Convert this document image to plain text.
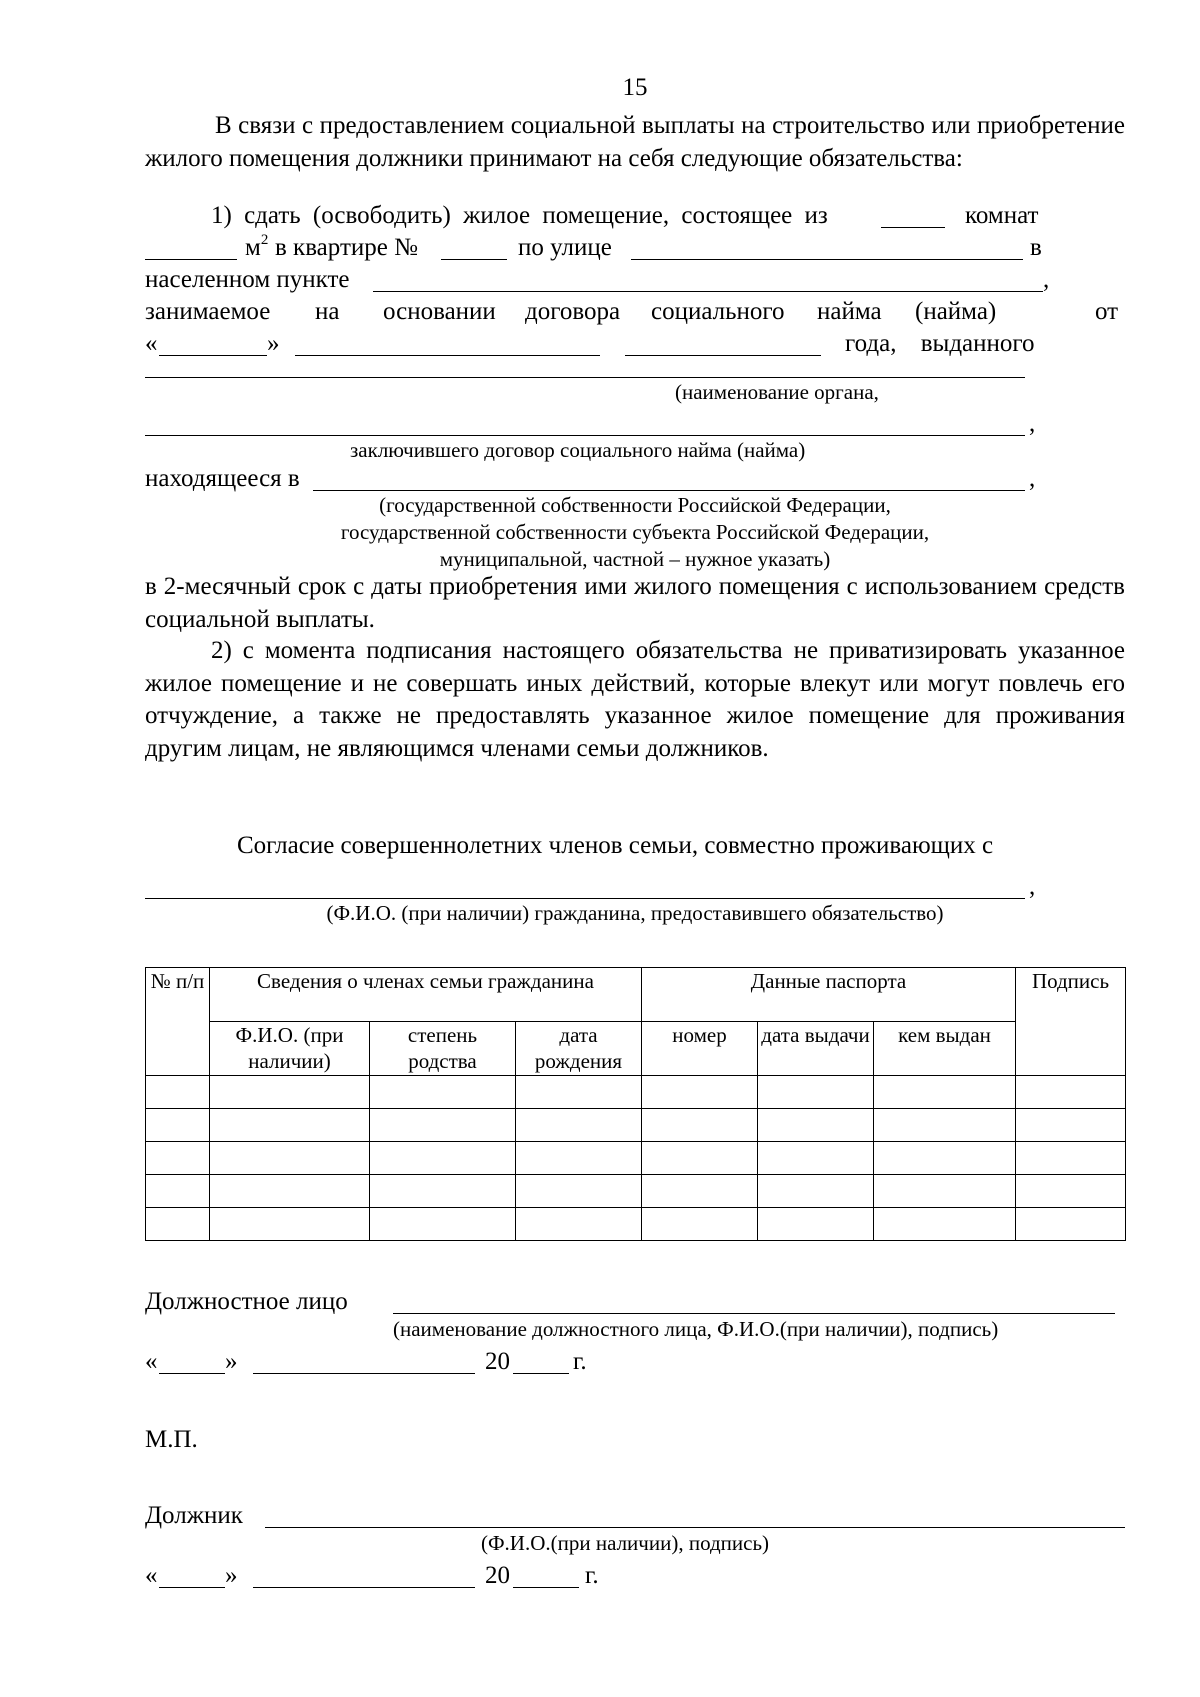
15
В связи с предоставлением социальной выплаты на строительство или приобретение жилого помещения должники принимают на себя следующие обязательства:
1) сдать (освободить) жилое помещение, состоящее из	комнат
$м^2$ в квартире №	по улице	в
населенном пункте	,
занимаемое на основании договора социального найма (найма)	от
«	»	года, выданного
(наименование органа,
,
заключившего договор социального найма (найма)
находящееся в	,
(государственной собственности Российской Федерации,
государственной собственности субъекта Российской Федерации,
муниципальной, частной – нужное указать)
в 2-месячный срок с даты приобретения ими жилого помещения с использованием средств социальной выплаты.
2) с момента подписания настоящего обязательства не приватизировать указанное жилое помещение и не совершать иных действий, которые влекут или могут повлечь его отчуждение, а также не предоставлять указанное жилое помещение для проживания другим лицам, не являющимся членами семьи должников.
Согласие совершеннолетних членов семьи, совместно проживающих с
,
(Ф.И.О. (при наличии) гражданина, предоставившего обязательство)
№ п/п	Сведения о членах семьи гражданина			Данные паспорта			Подпись
	Ф.И.О. (при наличии)	степень родства	дата рождения	номер	дата выдачи	кем выдан	

Должностное лицо
(наименование должностного лица, Ф.И.О.(при наличии), подпись)
«	»	20	г.
М.П.
Должник
(Ф.И.О.(при наличии), подпись)
«	»	20	г.
